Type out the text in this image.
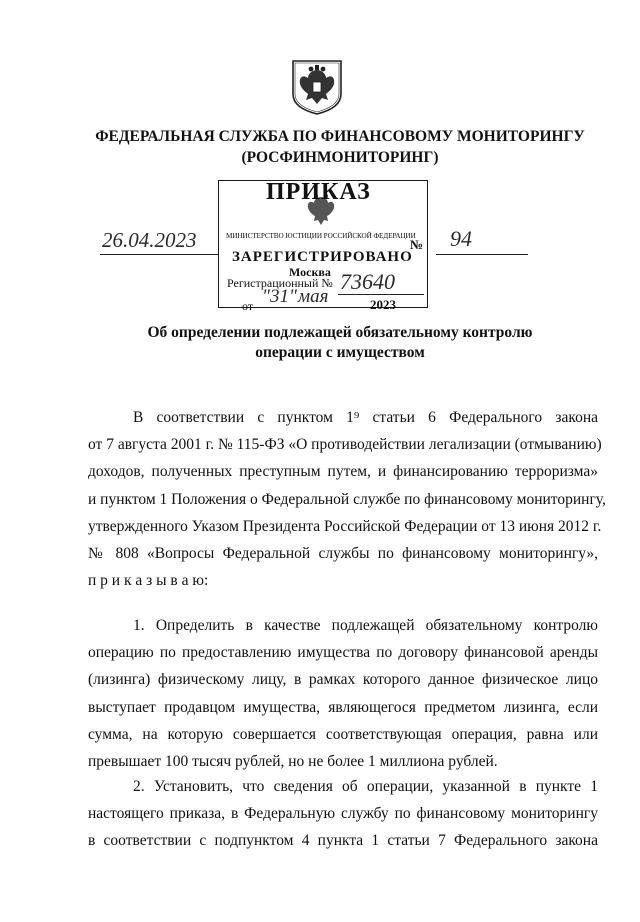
ФЕДЕРАЛЬНАЯ СЛУЖБА ПО ФИНАНСОВОМУ МОНИТОРИНГУ
(РОСФИНМОНИТОРИНГ)
ПРИКАЗ
МИНИСТЕРСТВО ЮСТИЦИИ РОССИЙСКОЙ ФЕДЕРАЦИИ
№
ЗАРЕГИСТРИРОВАНО
Москва
Регистрационный № 73640
от "31" мая	2023
26.04.2023	94
Об определении подлежащей обязательному контролю
операции с имуществом
В соответствии с пунктом 1⁹ статьи 6 Федерального закона
от 7 августа 2001 г. № 115-ФЗ «О противодействии легализации (отмыванию)
доходов, полученных преступным путем, и финансированию терроризма»
и пунктом 1 Положения о Федеральной службе по финансовому мониторингу,
утвержденного Указом Президента Российской Федерации от 13 июня 2012 г.
№ 808 «Вопросы Федеральной службы по финансовому мониторингу»,
п р и к а з ы в а ю:
1. Определить в качестве подлежащей обязательному контролю
операцию по предоставлению имущества по договору финансовой аренды
(лизинга) физическому лицу, в рамках которого данное физическое лицо
выступает продавцом имущества, являющегося предметом лизинга, если
сумма, на которую совершается соответствующая операция, равна или
превышает 100 тысяч рублей, но не более 1 миллиона рублей.
2. Установить, что сведения об операции, указанной в пункте 1
настоящего приказа, в Федеральную службу по финансовому мониторингу
в соответствии с подпунктом 4 пункта 1 статьи 7 Федерального закона
